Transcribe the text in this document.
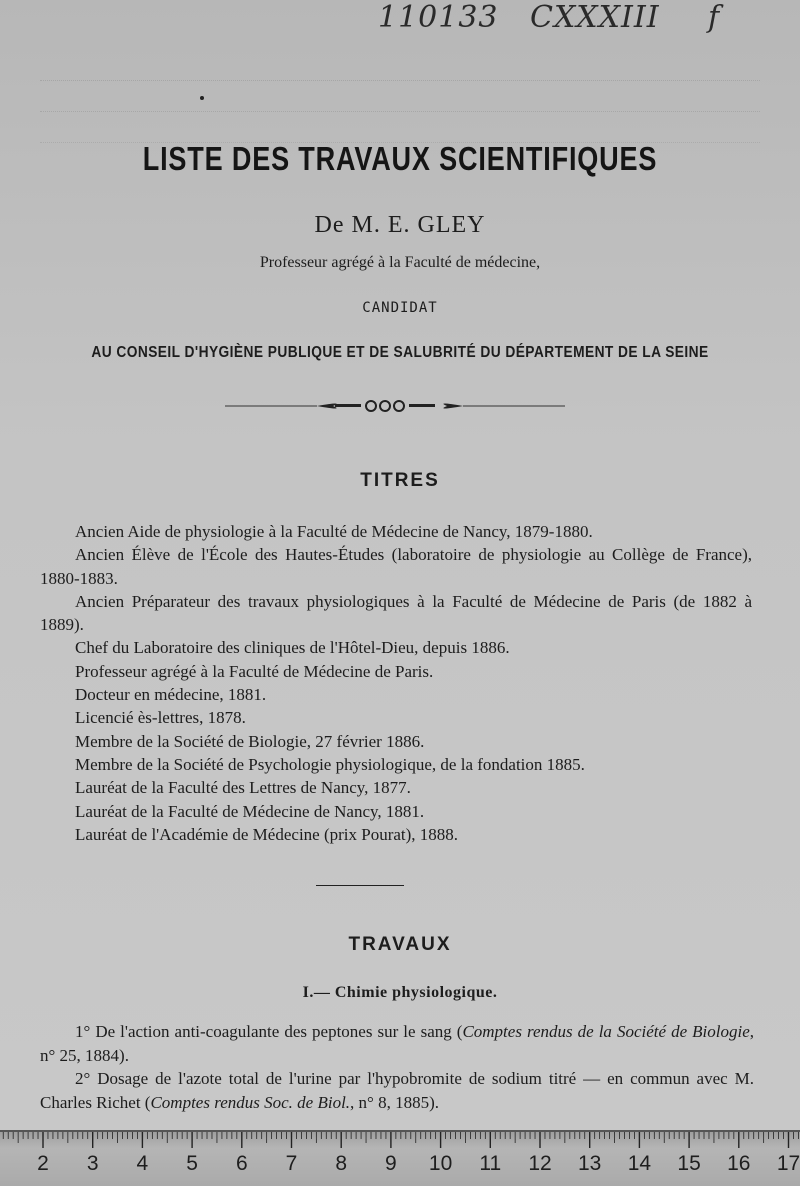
110133 CXXXIII f
LISTE DES TRAVAUX SCIENTIFIQUES
De M. E. GLEY
Professeur agrégé à la Faculté de médecine,
CANDIDAT
AU CONSEIL D'HYGIÈNE PUBLIQUE ET DE SALUBRITÉ DU DÉPARTEMENT DE LA SEINE
TITRES
Ancien Aide de physiologie à la Faculté de Médecine de Nancy, 1879-1880.
Ancien Élève de l'École des Hautes-Études (laboratoire de physiologie au Collège de France), 1880-1883.
Ancien Préparateur des travaux physiologiques à la Faculté de Médecine de Paris (de 1882 à 1889).
Chef du Laboratoire des cliniques de l'Hôtel-Dieu, depuis 1886.
Professeur agrégé à la Faculté de Médecine de Paris.
Docteur en médecine, 1881.
Licencié ès-lettres, 1878.
Membre de la Société de Biologie, 27 février 1886.
Membre de la Société de Psychologie physiologique, de la fondation 1885.
Lauréat de la Faculté des Lettres de Nancy, 1877.
Lauréat de la Faculté de Médecine de Nancy, 1881.
Lauréat de l'Académie de Médecine (prix Pourat), 1888.
TRAVAUX
I.— Chimie physiologique.
1° De l'action anti-coagulante des peptones sur le sang (Comptes rendus de la Société de Biologie, n° 25, 1884).
2° Dosage de l'azote total de l'urine par l'hypobromite de sodium titré — en commun avec M. Charles Richet (Comptes rendus Soc. de Biol., n° 8, 1885).
2	3	4	5	6	7	8	9	10 11 12 13 14 15 16 17
